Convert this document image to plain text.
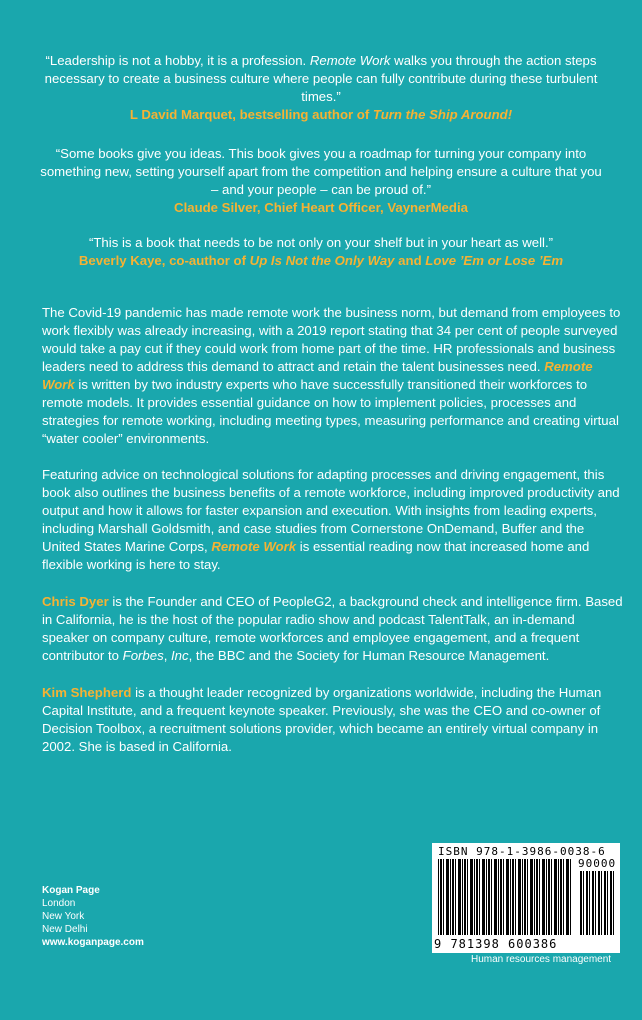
“Leadership is not a hobby, it is a profession. Remote Work walks you through the action steps necessary to create a business culture where people can fully contribute during these turbulent times.”
L David Marquet, bestselling author of Turn the Ship Around!
“Some books give you ideas. This book gives you a roadmap for turning your company into something new, setting yourself apart from the competition and helping ensure a culture that you – and your people – can be proud of.”
Claude Silver, Chief Heart Officer, VaynerMedia
“This is a book that needs to be not only on your shelf but in your heart as well.”
Beverly Kaye, co-author of Up Is Not the Only Way and Love ’Em or Lose ’Em
The Covid-19 pandemic has made remote work the business norm, but demand from employees to work flexibly was already increasing, with a 2019 report stating that 34 per cent of people surveyed would take a pay cut if they could work from home part of the time. HR professionals and business leaders need to address this demand to attract and retain the talent businesses need. Remote Work is written by two industry experts who have successfully transitioned their workforces to remote models. It provides essential guidance on how to implement policies, processes and strategies for remote working, including meeting types, measuring performance and creating virtual “water cooler” environments.
Featuring advice on technological solutions for adapting processes and driving engagement, this book also outlines the business benefits of a remote workforce, including improved productivity and output and how it allows for faster expansion and execution. With insights from leading experts, including Marshall Goldsmith, and case studies from Cornerstone OnDemand, Buffer and the United States Marine Corps, Remote Work is essential reading now that increased home and flexible working is here to stay.
Chris Dyer is the Founder and CEO of PeopleG2, a background check and intelligence firm. Based in California, he is the host of the popular radio show and podcast TalentTalk, an in-demand speaker on company culture, remote workforces and employee engagement, and a frequent contributor to Forbes, Inc, the BBC and the Society for Human Resource Management.
Kim Shepherd is a thought leader recognized by organizations worldwide, including the Human Capital Institute, and a frequent keynote speaker. Previously, she was the CEO and co-owner of Decision Toolbox, a recruitment solutions provider, which became an entirely virtual company in 2002. She is based in California.
Kogan Page
London
New York
New Delhi
www.koganpage.com
ISBN 978-1-3986-0038-6
90000
9 781398 600386
Human resources management
